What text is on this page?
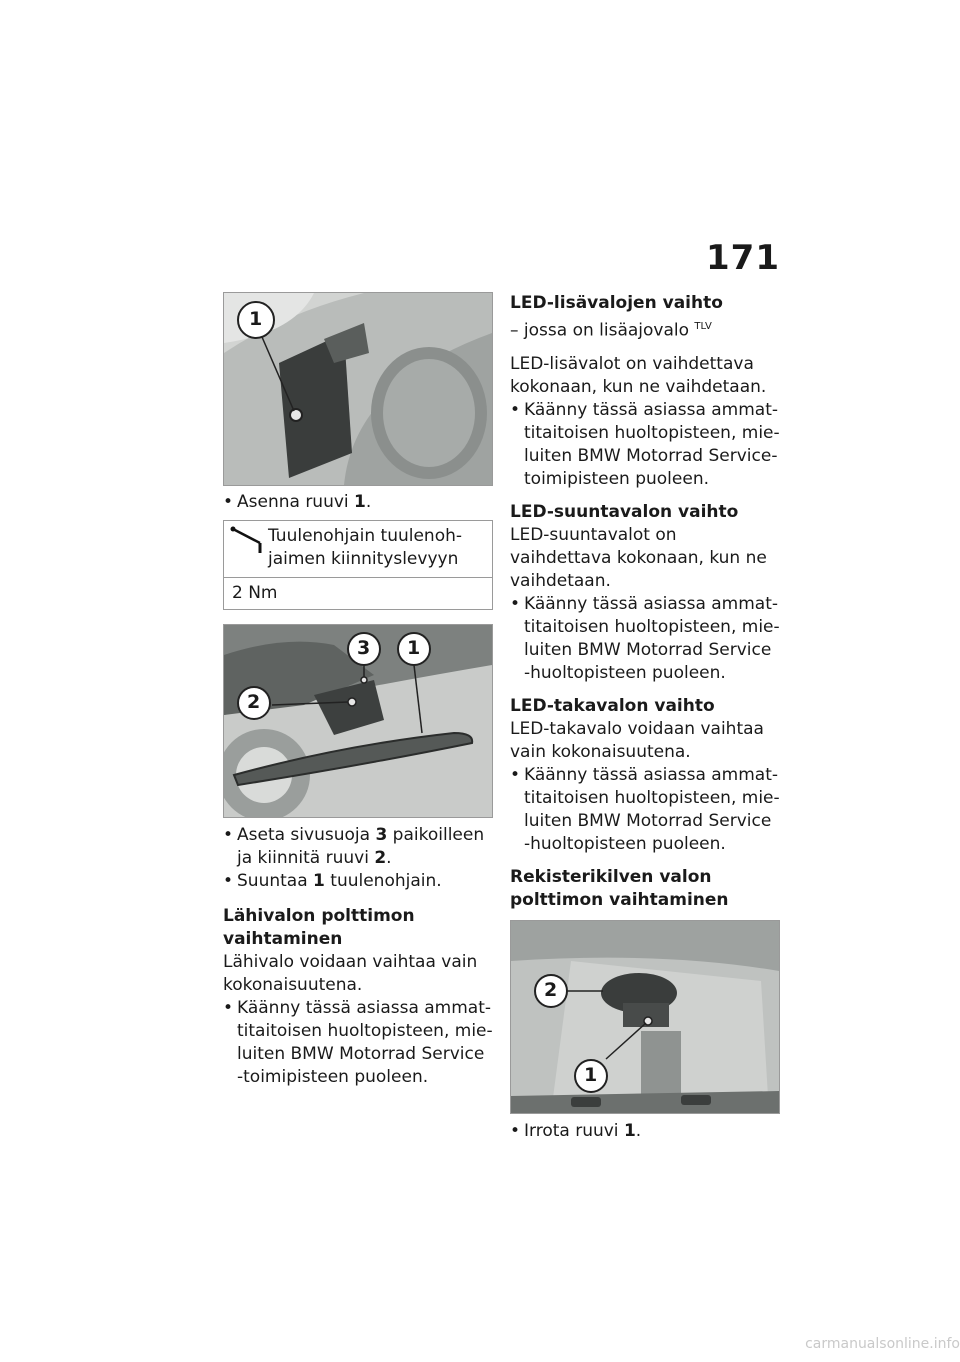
171
1
• Asenna ruuvi 1.
Tuulenohjain tuulenoh-jaimen kiinnityslevyyn
2 Nm
3 1
2
• Aseta sivusuoja 3 paikoilleen ja kiinnitä ruuvi 2.
• Suuntaa 1 tuulenohjain.

Lähivalon polttimon vaihtaminen

Lähivalo voidaan vaihtaa vain kokonaisuutena.

• Käänny tässä asiassa ammat-titaitoisen huoltopisteen, mie-luiten BMW Motorrad Service -toimipisteen puoleen.

LED-lisävalojen vaihto

– jossa on lisäajovalo $^{TLV}$

LED-lisävalot on vaihdettava kokonaan, kun ne vaihdetaan.

• Käänny tässä asiassa ammat-titaitoisen huoltopisteen, mie-luiten BMW Motorrad Service-toimipisteen puoleen.

LED-suuntavalon vaihto

LED-suuntavalot on vaihdettava kokonaan, kun ne vaihdetaan.

• Käänny tässä asiassa ammat-titaitoisen huoltopisteen, mie-luiten BMW Motorrad Service -huoltopisteen puoleen.

LED-takavalon vaihto

LED-takavalo voidaan vaihtaa vain kokonaisuutena.

• Käänny tässä asiassa ammat-titaitoisen huoltopisteen, mie-luiten BMW Motorrad Service -huoltopisteen puoleen.

Rekisterikilven valon polttimon vaihtaminen

2
1
• Irrota ruuvi 1.
carmanualsonline.info
